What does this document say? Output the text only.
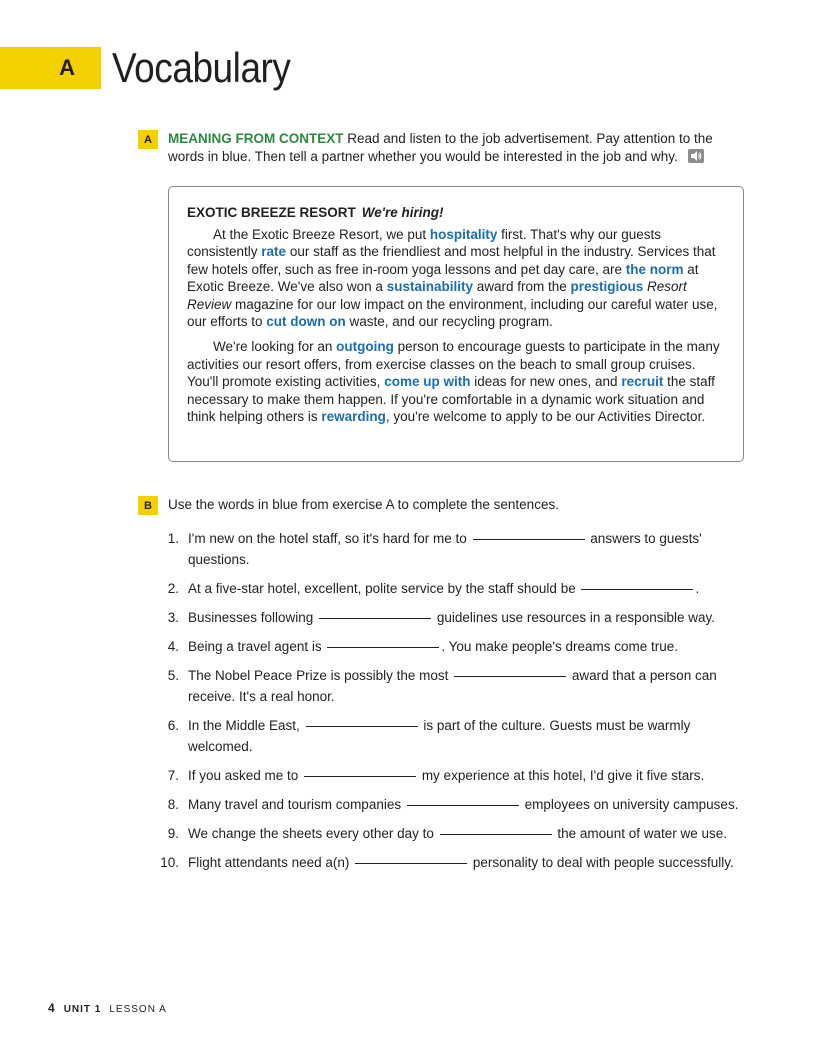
A Vocabulary
A	MEANING FROM CONTEXT Read and listen to the job advertisement. Pay attention to the words in blue. Then tell a partner whether you would be interested in the job and why.
EXOTIC BREEZE RESORT We're hiring!

At the Exotic Breeze Resort, we put hospitality first. That's why our guests consistently rate our staff as the friendliest and most helpful in the industry. Services that few hotels offer, such as free in-room yoga lessons and pet day care, are the norm at Exotic Breeze. We've also won a sustainability award from the prestigious Resort Review magazine for our low impact on the environment, including our careful water use, our efforts to cut down on waste, and our recycling program.

We're looking for an outgoing person to encourage guests to participate in the many activities our resort offers, from exercise classes on the beach to small group cruises. You'll promote existing activities, come up with ideas for new ones, and recruit the staff necessary to make them happen. If you're comfortable in a dynamic work situation and think helping others is rewarding, you're welcome to apply to be our Activities Director.

B	Use the words in blue from exercise A to complete the sentences.
1. I'm new on the hotel staff, so it's hard for me to	answers to guests' questions.
2. At a five-star hotel, excellent, polite service by the staff should be	.
3. Businesses following	guidelines use resources in a responsible way.
4. Being a travel agent is	. You make people's dreams come true.
5. The Nobel Peace Prize is possibly the most	award that a person can receive. It's a real honor.
6. In the Middle East,	is part of the culture. Guests must be warmly welcomed.
7. If you asked me to	my experience at this hotel, I'd give it five stars.
8. Many travel and tourism companies	employees on university campuses.
9. We change the sheets every other day to	the amount of water we use.
10. Flight attendants need a(n)	personality to deal with people successfully.
4 UNIT 1 LESSON A
